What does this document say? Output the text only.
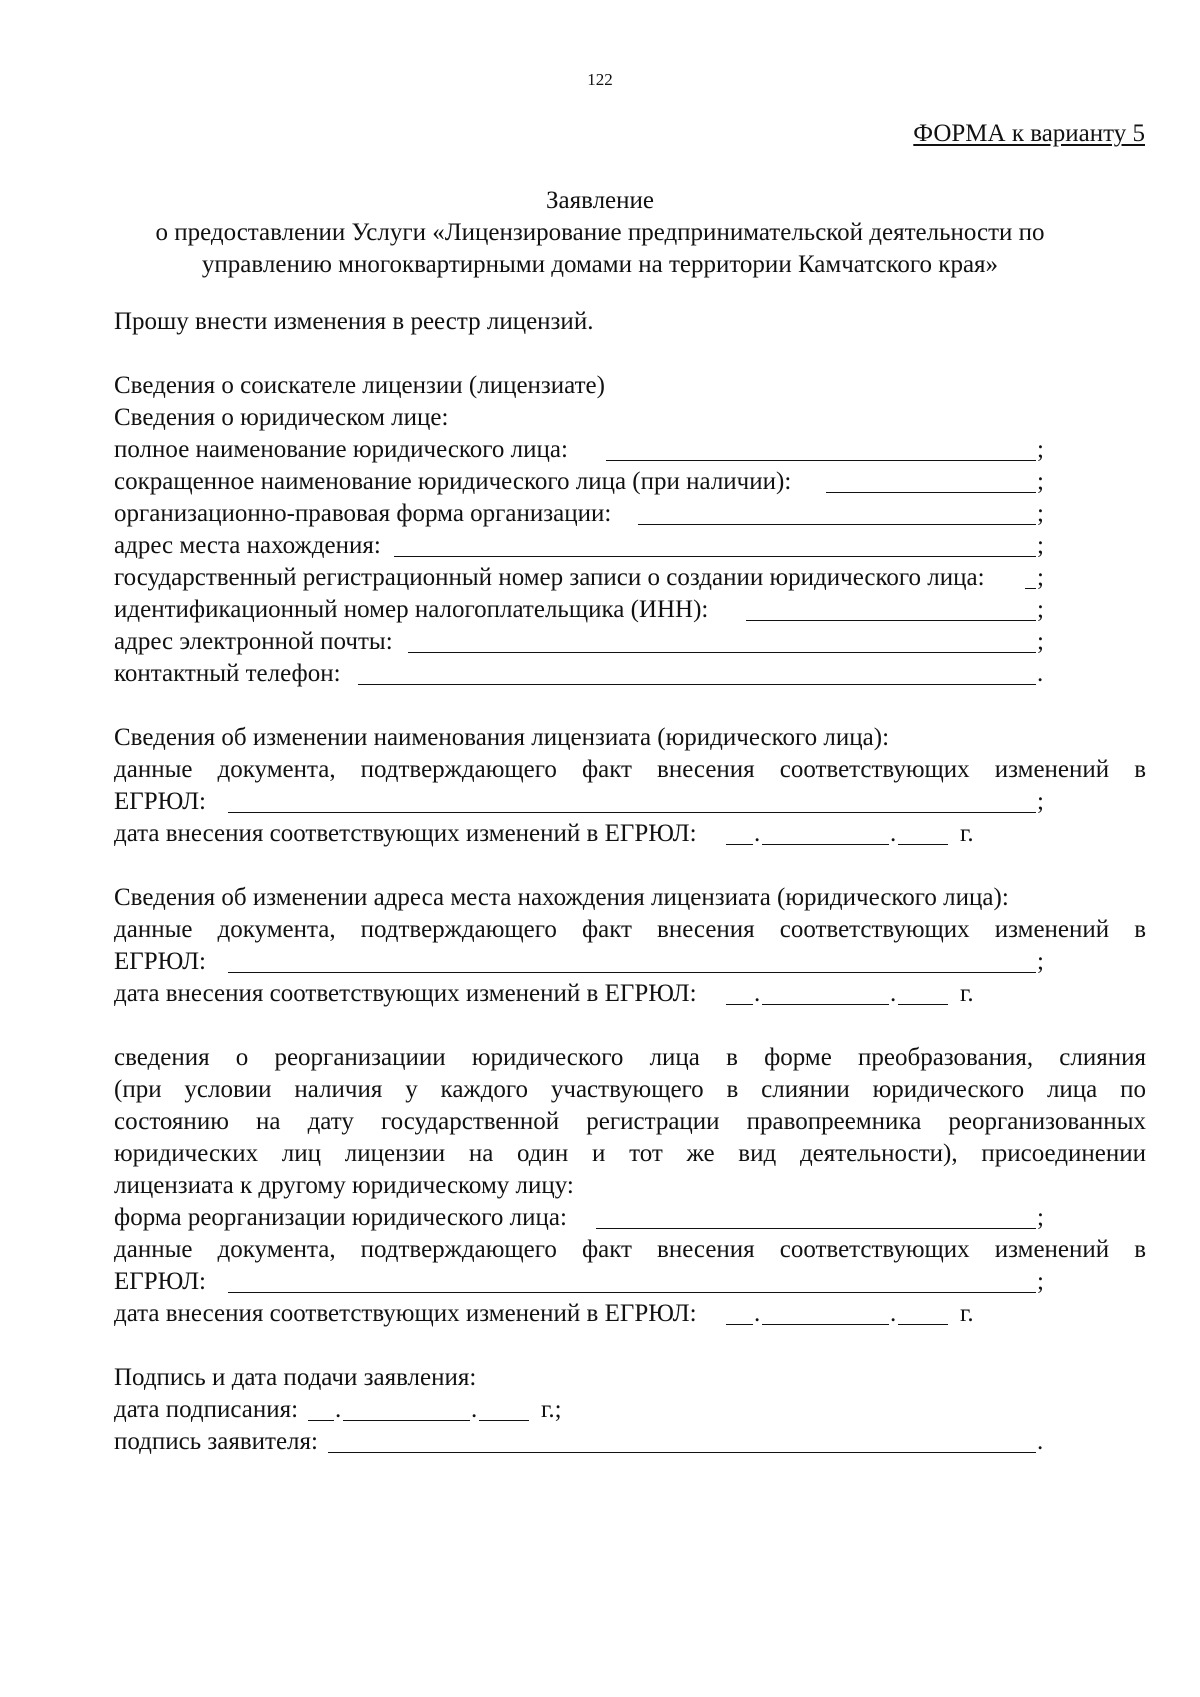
122
ФОРМА к варианту 5
Заявление
о предоставлении Услуги «Лицензирование предпринимательской деятельности по
управлению многоквартирными домами на территории Камчатского края»
Прошу внести изменения в реестр лицензий.
Сведения о соискателе лицензии (лицензиате)
Сведения о юридическом лице:
полное наименование юридического лица:	;
сокращенное наименование юридического лица (при наличии):	;
организационно-правовая форма организации:	;
адрес места нахождения:	;
государственный регистрационный номер записи о создании юридического лица: ;
идентификационный номер налогоплательщика (ИНН):	;
адрес электронной почты:	;
контактный телефон:	.
Сведения об изменении наименования лицензиата (юридического лица):
данные документа, подтверждающего факт внесения соответствующих изменений в
ЕГРЮЛ:	;
дата внесения соответствующих изменений в ЕГРЮЛ: .	.	г.
Сведения об изменении адреса места нахождения лицензиата (юридического лица):
данные документа, подтверждающего факт внесения соответствующих изменений в
ЕГРЮЛ:	;
дата внесения соответствующих изменений в ЕГРЮЛ: .	.	г.
сведения о реорганизациии юридического лица в форме преобразования, слияния
(при условии наличия у каждого участвующего в слиянии юридического лица по
состоянию на дату государственной регистрации правопреемника реорганизованных
юридических лиц лицензии на один и тот же вид деятельности), присоединении
лицензиата к другому юридическому лицу:
форма реорганизации юридического лица:	;
данные документа, подтверждающего факт внесения соответствующих изменений в
ЕГРЮЛ:	;
дата внесения соответствующих изменений в ЕГРЮЛ: .	.	г.
Подпись и дата подачи заявления:
дата подписания: .	.	г.;
подпись заявителя:	.
